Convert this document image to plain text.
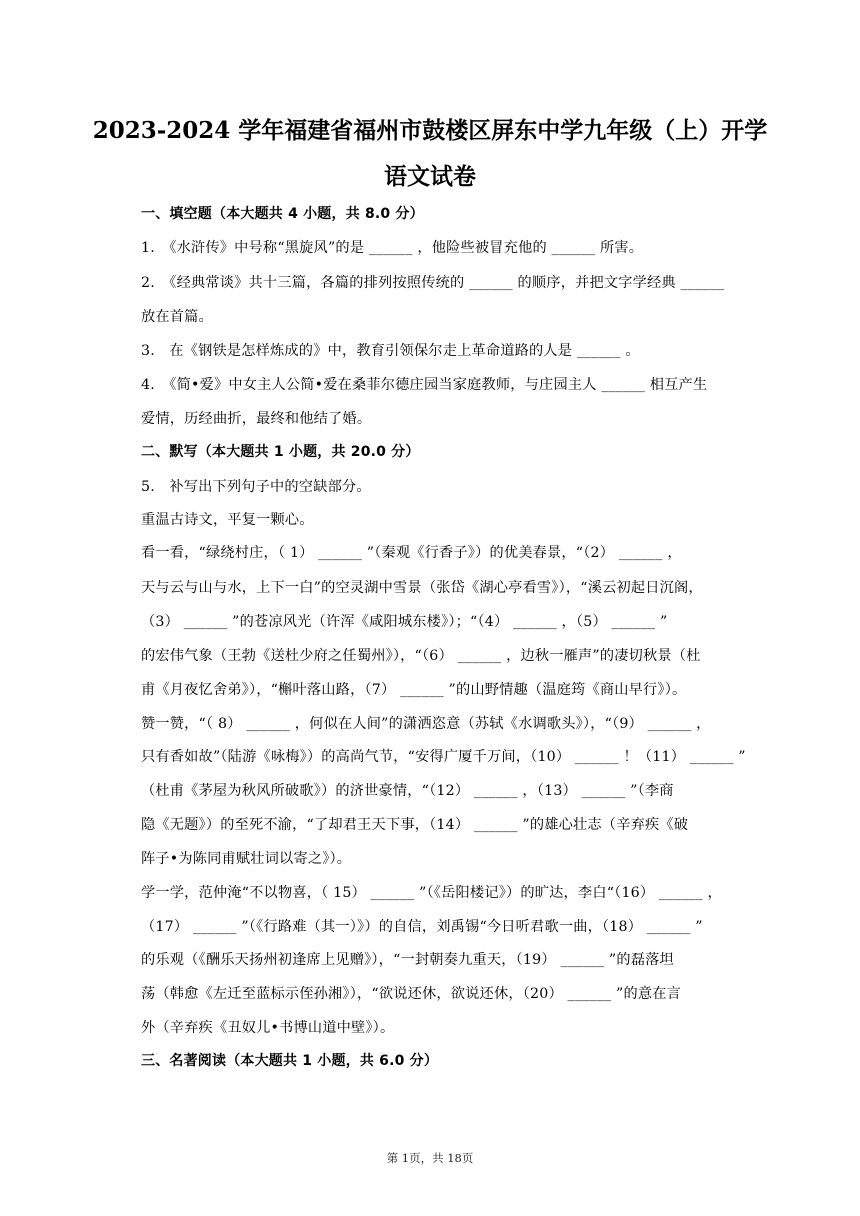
2023-2024 学年福建省福州市鼓楼区屏东中学九年级（上）开学
语文试卷
一、填空题（本大题共 4 小题，共 8.0 分）
1.　《水浒传》中号称“黑旋风”的是 ______ ，他险些被冒充他的 ______ 所害。
2.　《经典常谈》共十三篇，各篇的排列按照传统的 ______ 的顺序，并把文字学经典 ______
放在首篇。
3.　在《钢铁是怎样炼成的》中，教育引领保尔走上革命道路的人是 ______ 。
4.　《简•爱》中女主人公简•爱在桑菲尔德庄园当家庭教师，与庄园主人 ______ 相互产生
爱情，历经曲折，最终和他结了婚。
二、默写（本大题共 1 小题，共 20.0 分）
5.　补写出下列句子中的空缺部分。
重温古诗文，平复一颗心。
看一看，“绿绕村庄，（ 1） ______ ”（秦观《行香子》）的优美春景，“（2） ______ ，
天与云与山与水，上下一白”的空灵湖中雪景（张岱《湖心亭看雪》），“溪云初起日沉阁，
（3） ______ ”的苍凉风光（许浑《咸阳城东楼》）；“（4） ______ ，（5） ______ ”
的宏伟气象（王勃《送杜少府之任蜀州》），“（6） ______ ，边秋一雁声”的凄切秋景（杜
甫《月夜忆舍弟》），“槲叶落山路，（7） ______ ”的山野情趣（温庭筠《商山早行》）。
赞一赞，“（ 8） ______ ，何似在人间”的潇洒恣意（苏轼《水调歌头》），“（9） ______ ，
只有香如故”（陆游《咏梅》）的高尚气节，“安得广厦千万间，（10） ______ ！（11） ______ ”
（杜甫《茅屋为秋风所破歌》）的济世豪情，“（12） ______ ，（13） ______ ”（李商
隐《无题》）的至死不渝，“了却君王天下事，（14） ______ ”的雄心壮志（辛弃疾《破
阵子•为陈同甫赋壮词以寄之》）。
学一学，范仲淹“不以物喜，（ 15） ______ ”（《岳阳楼记》）的旷达，李白“（16） ______ ，
（17） ______ ”（《行路难（其一）》）的自信，刘禹锡“今日听君歌一曲，（18） ______ ”
的乐观（《酬乐天扬州初逢席上见赠》），“一封朝奏九重天，（19） ______ ”的磊落坦
荡（韩愈《左迁至蓝标示侄孙湘》），“欲说还休，欲说还休，（20） ______ ”的意在言
外（辛弃疾《丑奴儿•书博山道中壁》）。
三、名著阅读（本大题共 1 小题，共 6.0 分）
第 1页，共 18页
